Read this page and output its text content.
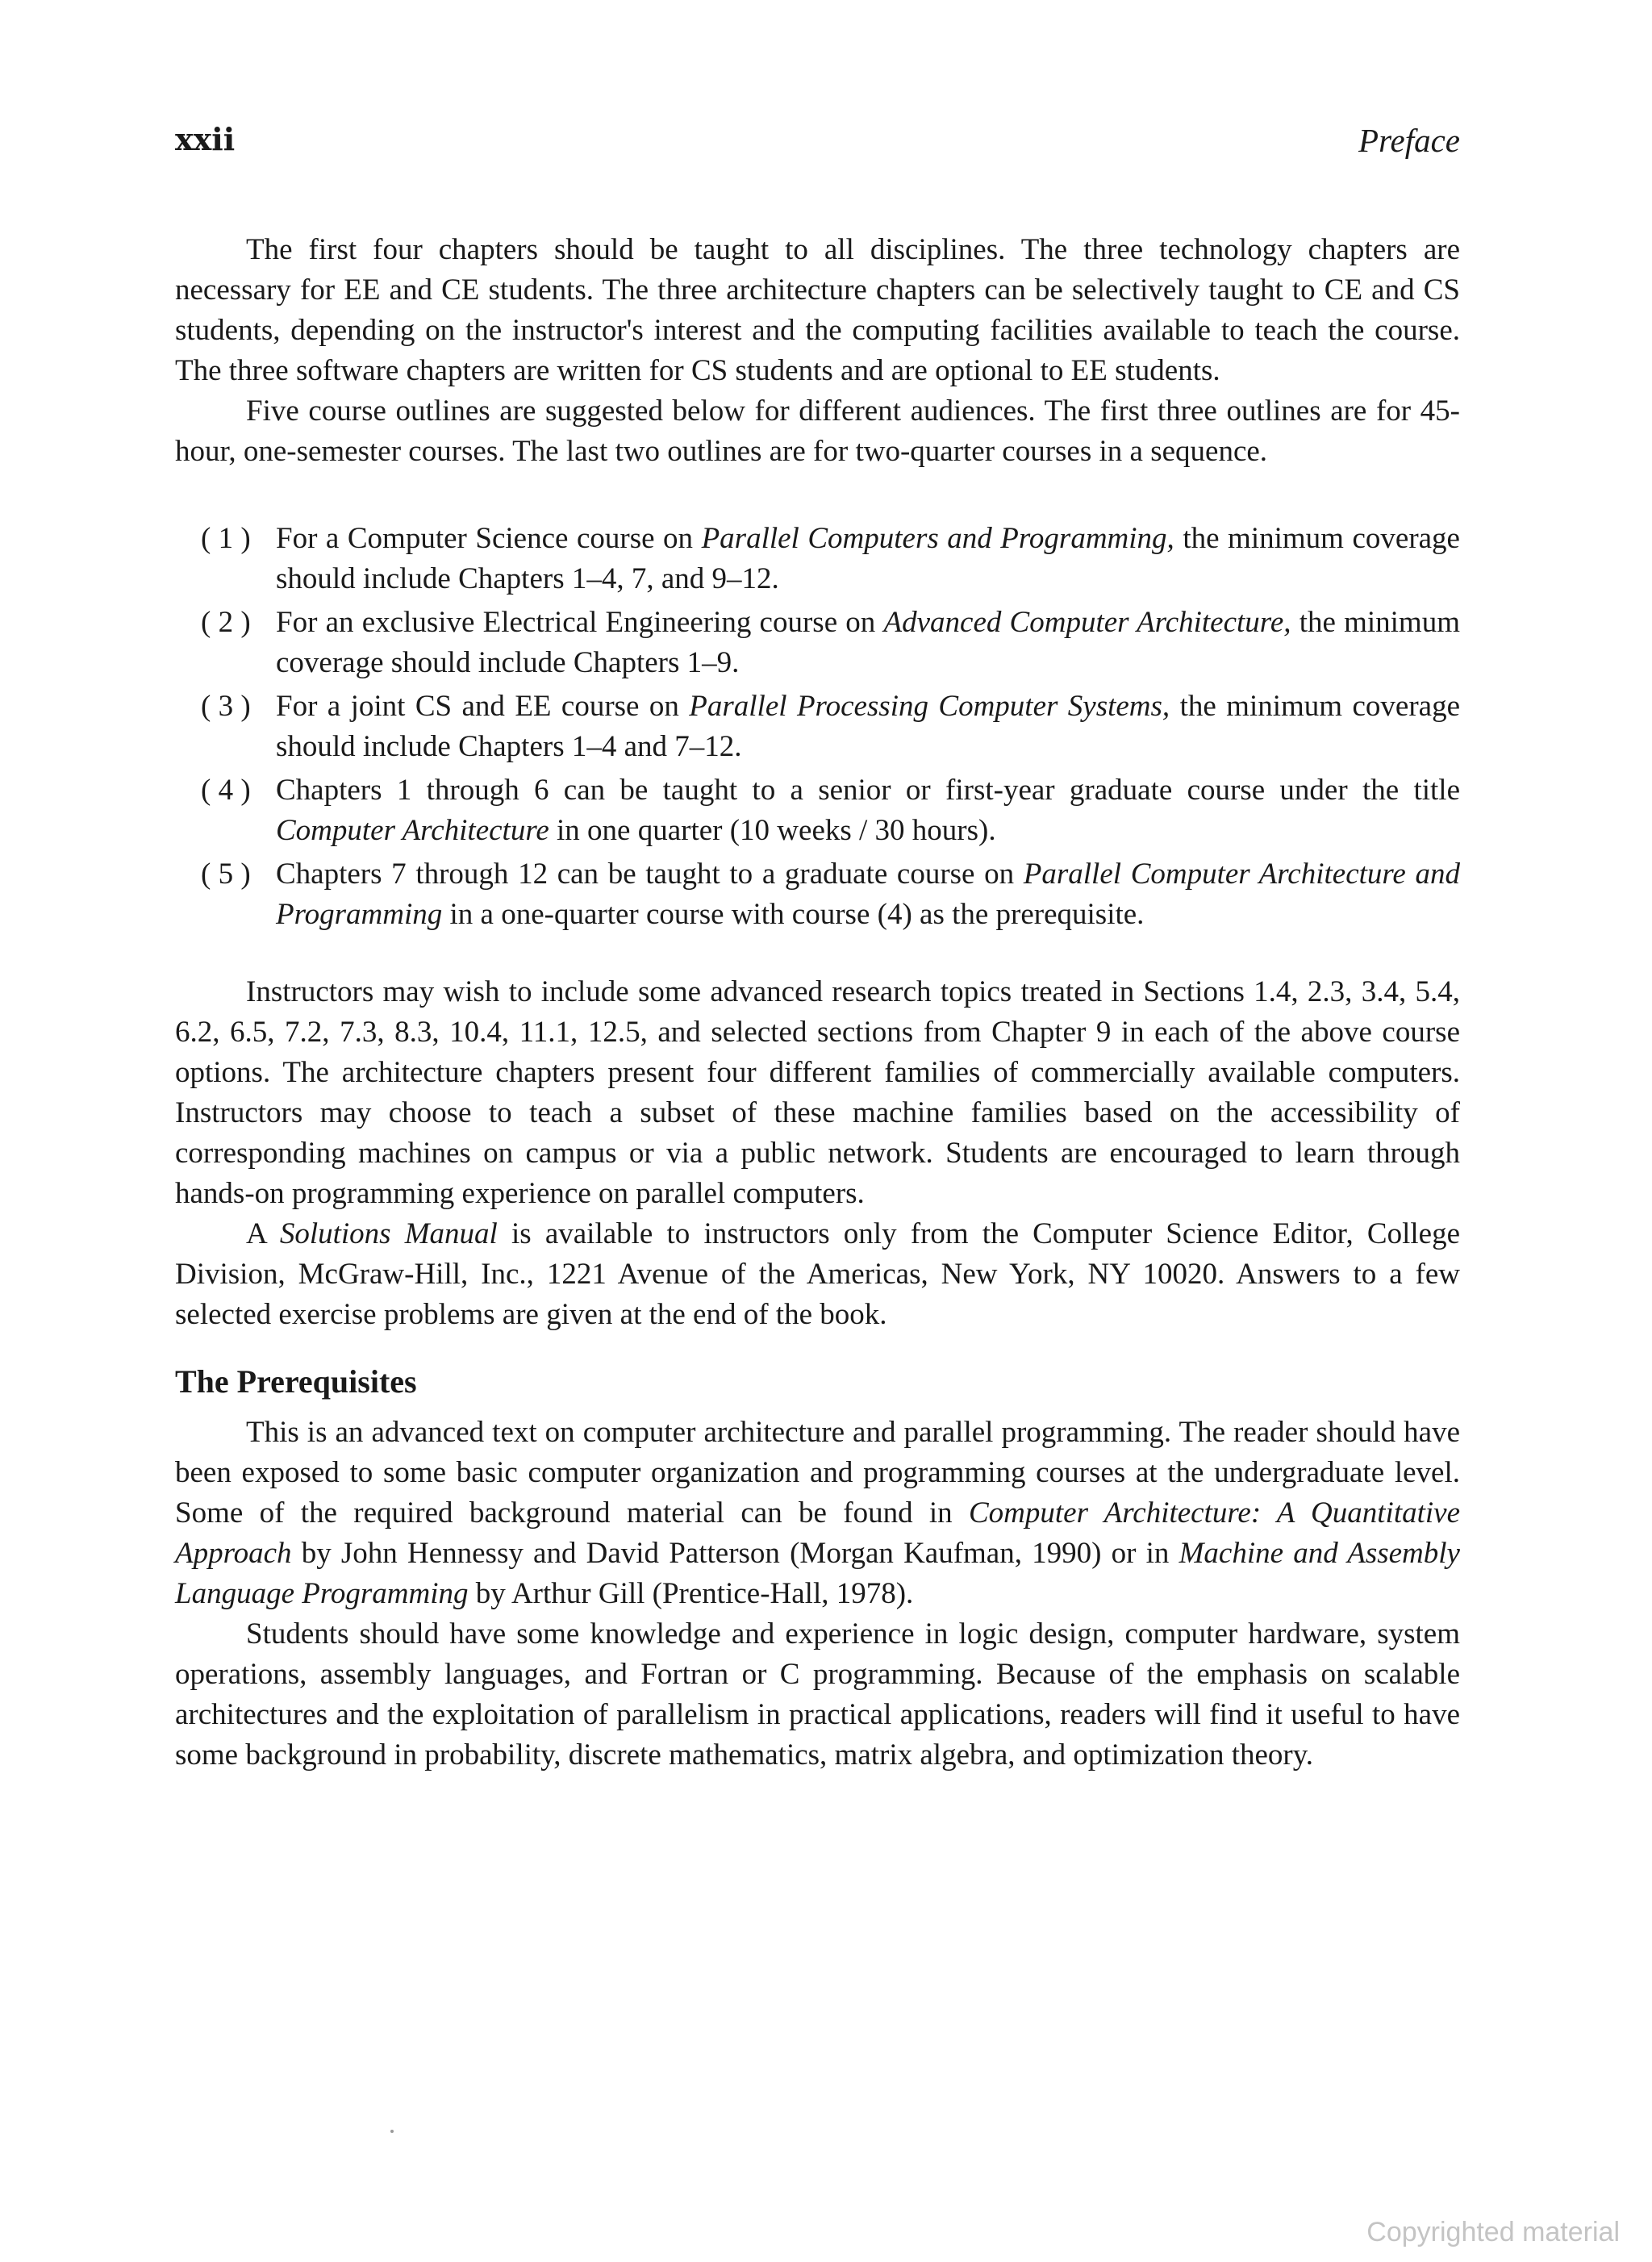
xxii	Preface

The first four chapters should be taught to all disciplines. The three technology chapters are necessary for EE and CE students. The three architecture chapters can be selectively taught to CE and CS students, depending on the instructor's interest and the computing facilities available to teach the course. The three software chapters are written for CS students and are optional to EE students.

Five course outlines are suggested below for different audiences. The first three outlines are for 45-hour, one-semester courses. The last two outlines are for two-quarter courses in a sequence.

( 1 ) For a Computer Science course on Parallel Computers and Programming, the minimum coverage should include Chapters 1–4, 7, and 9–12.
( 2 ) For an exclusive Electrical Engineering course on Advanced Computer Architecture, the minimum coverage should include Chapters 1–9.
( 3 ) For a joint CS and EE course on Parallel Processing Computer Systems, the minimum coverage should include Chapters 1–4 and 7–12.
( 4 ) Chapters 1 through 6 can be taught to a senior or first-year graduate course under the title Computer Architecture in one quarter (10 weeks / 30 hours).
( 5 ) Chapters 7 through 12 can be taught to a graduate course on Parallel Computer Architecture and Programming in a one-quarter course with course (4) as the prerequisite.

Instructors may wish to include some advanced research topics treated in Sections 1.4, 2.3, 3.4, 5.4, 6.2, 6.5, 7.2, 7.3, 8.3, 10.4, 11.1, 12.5, and selected sections from Chapter 9 in each of the above course options. The architecture chapters present four different families of commercially available computers. Instructors may choose to teach a subset of these machine families based on the accessibility of corresponding machines on campus or via a public network. Students are encouraged to learn through hands-on programming experience on parallel computers.

A Solutions Manual is available to instructors only from the Computer Science Editor, College Division, McGraw-Hill, Inc., 1221 Avenue of the Americas, New York, NY 10020. Answers to a few selected exercise problems are given at the end of the book.

The Prerequisites

This is an advanced text on computer architecture and parallel programming. The reader should have been exposed to some basic computer organization and programming courses at the undergraduate level. Some of the required background material can be found in Computer Architecture: A Quantitative Approach by John Hennessy and David Patterson (Morgan Kaufman, 1990) or in Machine and Assembly Language Programming by Arthur Gill (Prentice-Hall, 1978).

Students should have some knowledge and experience in logic design, computer hardware, system operations, assembly languages, and Fortran or C programming. Because of the emphasis on scalable architectures and the exploitation of parallelism in practical applications, readers will find it useful to have some background in probability, discrete mathematics, matrix algebra, and optimization theory.

Copyrighted material
